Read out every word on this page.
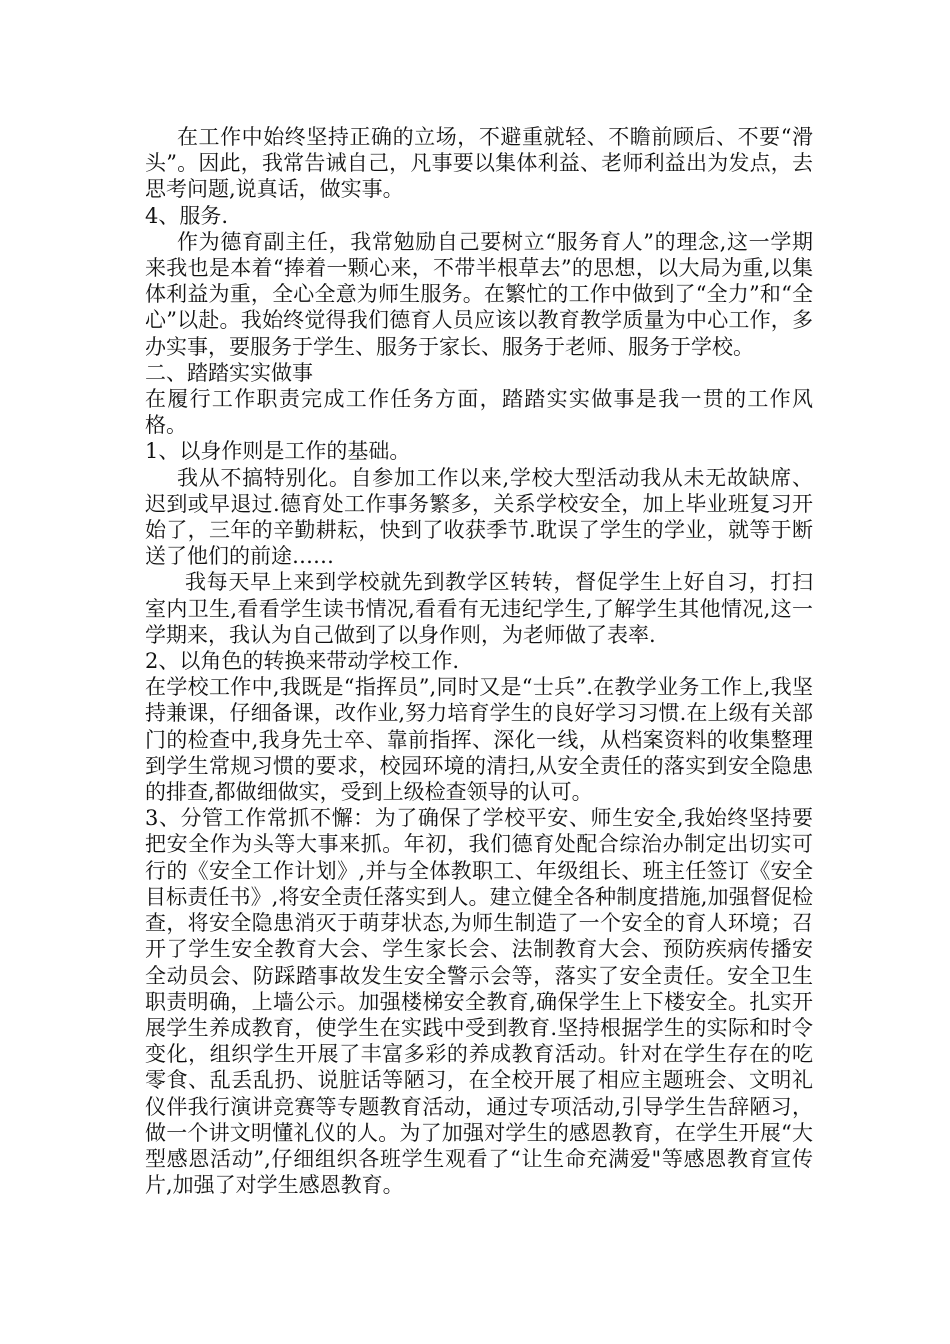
在工作中始终坚持正确的立场，不避重就轻、不瞻前顾后、不要“滑头”。因此，我常告诫自己，凡事要以集体利益、老师利益出为发点，去思考问题,说真话，做实事。

4、服务.

作为德育副主任，我常勉励自己要树立“服务育人”的理念,这一学期来我也是本着“捧着一颗心来，不带半根草去”的思想，以大局为重,以集体利益为重，全心全意为师生服务。在繁忙的工作中做到了“全力”和“全心”以赴。我始终觉得我们德育人员应该以教育教学质量为中心工作，多办实事，要服务于学生、服务于家长、服务于老师、服务于学校。

二、踏踏实实做事

在履行工作职责完成工作任务方面，踏踏实实做事是我一贯的工作风格。

1、以身作则是工作的基础。

我从不搞特别化。自参加工作以来,学校大型活动我从未无故缺席、迟到或早退过.德育处工作事务繁多，关系学校安全，加上毕业班复习开始了，三年的辛勤耕耘，快到了收获季节.耽误了学生的学业，就等于断送了他们的前途……

我每天早上来到学校就先到教学区转转，督促学生上好自习，打扫室内卫生,看看学生读书情况,看看有无违纪学生,了解学生其他情况,这一学期来，我认为自己做到了以身作则，为老师做了表率.

2、以角色的转换来带动学校工作.

在学校工作中,我既是“指挥员”,同时又是“士兵”.在教学业务工作上,我坚持兼课，仔细备课，改作业,努力培育学生的良好学习习惯.在上级有关部门的检查中,我身先士卒、靠前指挥、深化一线，从档案资料的收集整理到学生常规习惯的要求，校园环境的清扫,从安全责任的落实到安全隐患的排查,都做细做实，受到上级检查领导的认可。

3、分管工作常抓不懈：为了确保了学校平安、师生安全,我始终坚持要把安全作为头等大事来抓。年初，我们德育处配合综治办制定出切实可行的《安全工作计划》,并与全体教职工、年级组长、班主任签订《安全目标责任书》,将安全责任落实到人。建立健全各种制度措施,加强督促检查，将安全隐患消灭于萌芽状态,为师生制造了一个安全的育人环境；召开了学生安全教育大会、学生家长会、法制教育大会、预防疾病传播安全动员会、防踩踏事故发生安全警示会等，落实了安全责任。安全卫生职责明确，上墙公示。加强楼梯安全教育,确保学生上下楼安全。扎实开展学生养成教育，使学生在实践中受到教育.坚持根据学生的实际和时令变化，组织学生开展了丰富多彩的养成教育活动。针对在学生存在的吃零食、乱丢乱扔、说脏话等陋习，在全校开展了相应主题班会、文明礼仪伴我行演讲竞赛等专题教育活动，通过专项活动,引导学生告辞陋习，做一个讲文明懂礼仪的人。为了加强对学生的感恩教育，在学生开展“大型感恩活动”,仔细组织各班学生观看了“让生命充满爱"等感恩教育宣传片,加强了对学生感恩教育。
